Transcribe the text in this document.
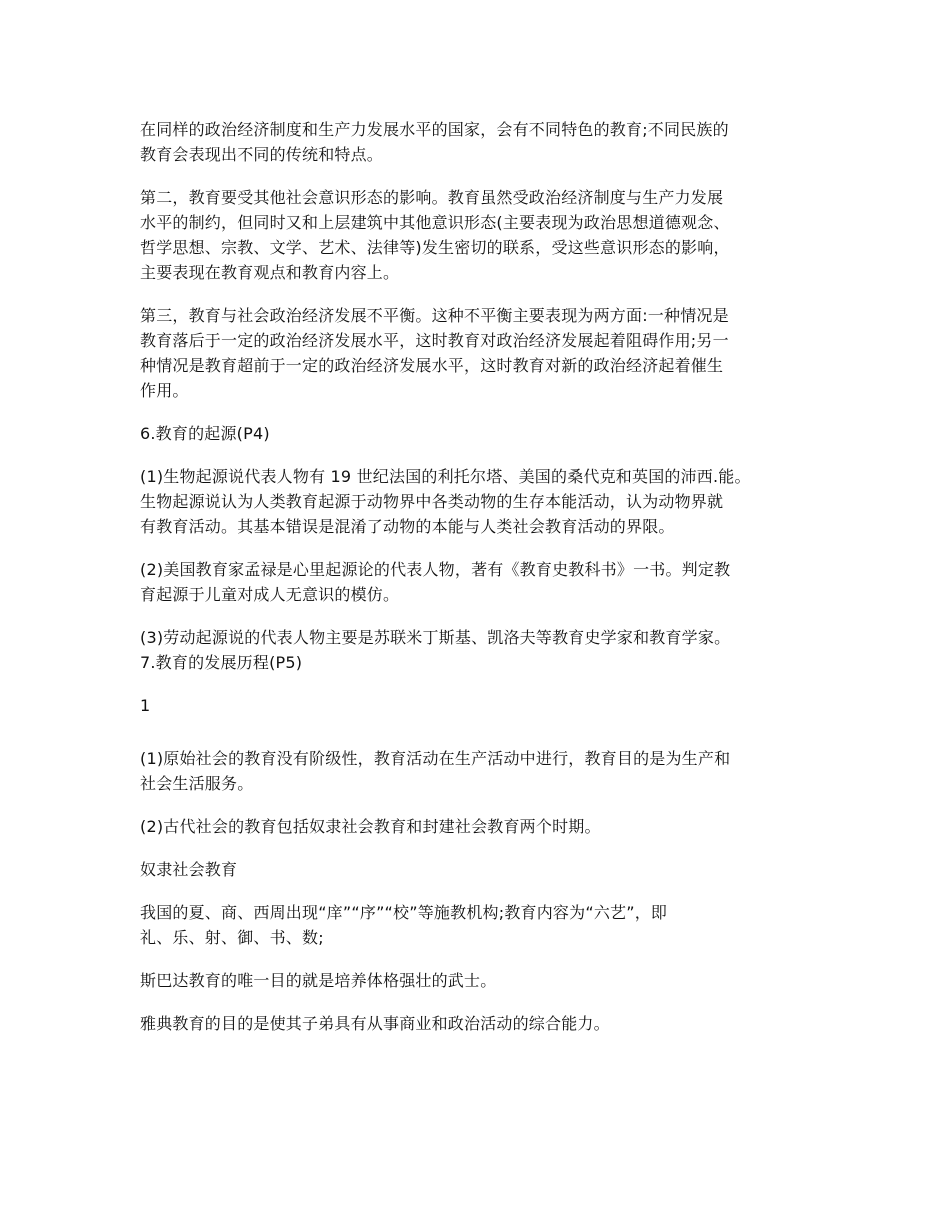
在同样的政治经济制度和生产力发展水平的国家，会有不同特色的教育;不同民族的
教育会表现出不同的传统和特点。

第二，教育要受其他社会意识形态的影响。教育虽然受政治经济制度与生产力发展
水平的制约，但同时又和上层建筑中其他意识形态(主要表现为政治思想道德观念、
哲学思想、宗教、文学、艺术、法律等)发生密切的联系，受这些意识形态的影响，
主要表现在教育观点和教育内容上。

第三，教育与社会政治经济发展不平衡。这种不平衡主要表现为两方面:一种情况是
教育落后于一定的政治经济发展水平，这时教育对政治经济发展起着阻碍作用;另一
种情况是教育超前于一定的政治经济发展水平，这时教育对新的政治经济起着催生
作用。

6.教育的起源(P4)

(1)生物起源说代表人物有 19 世纪法国的利托尔塔、美国的桑代克和英国的沛西.能。
生物起源说认为人类教育起源于动物界中各类动物的生存本能活动，认为动物界就
有教育活动。其基本错误是混淆了动物的本能与人类社会教育活动的界限。

(2)美国教育家孟禄是心里起源论的代表人物，著有《教育史教科书》一书。判定教
育起源于儿童对成人无意识的模仿。

(3)劳动起源说的代表人物主要是苏联米丁斯基、凯洛夫等教育史学家和教育学家。
7.教育的发展历程(P5)

1

(1)原始社会的教育没有阶级性，教育活动在生产活动中进行，教育目的是为生产和
社会生活服务。

(2)古代社会的教育包括奴隶社会教育和封建社会教育两个时期。

奴隶社会教育

我国的夏、商、西周出现“庠”“序”“校”等施教机构;教育内容为“六艺”，即
礼、乐、射、御、书、数;

斯巴达教育的唯一目的就是培养体格强壮的武士。

雅典教育的目的是使其子弟具有从事商业和政治活动的综合能力。
